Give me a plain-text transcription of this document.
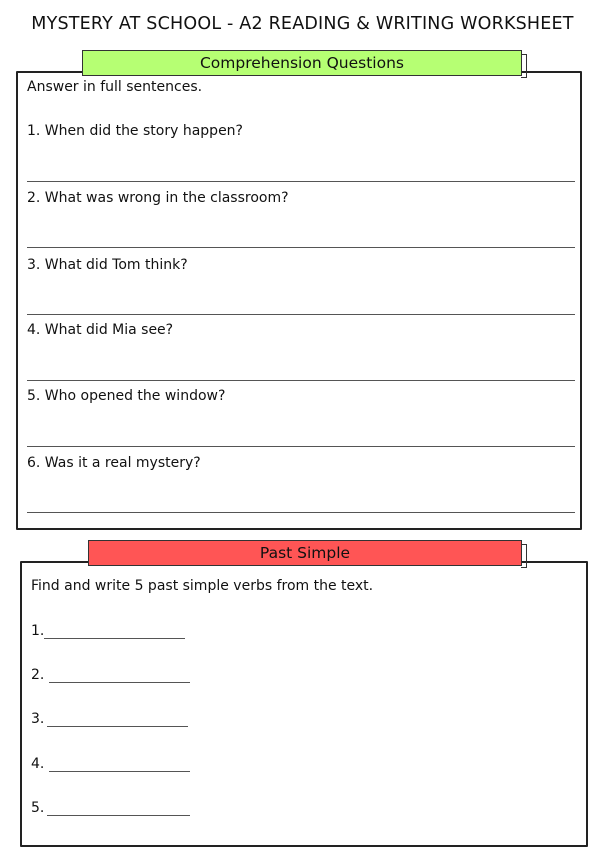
MYSTERY AT SCHOOL - A2 READING & WRITING WORKSHEET
Comprehension Questions
Answer in full sentences.
1. When did the story happen?
2. What was wrong in the classroom?
3. What did Tom think?
4. What did Mia see?
5. Who opened the window?
6. Was it a real mystery?
Past Simple
Find and write 5 past simple verbs from the text.
1.
2.
3.
4.
5.
